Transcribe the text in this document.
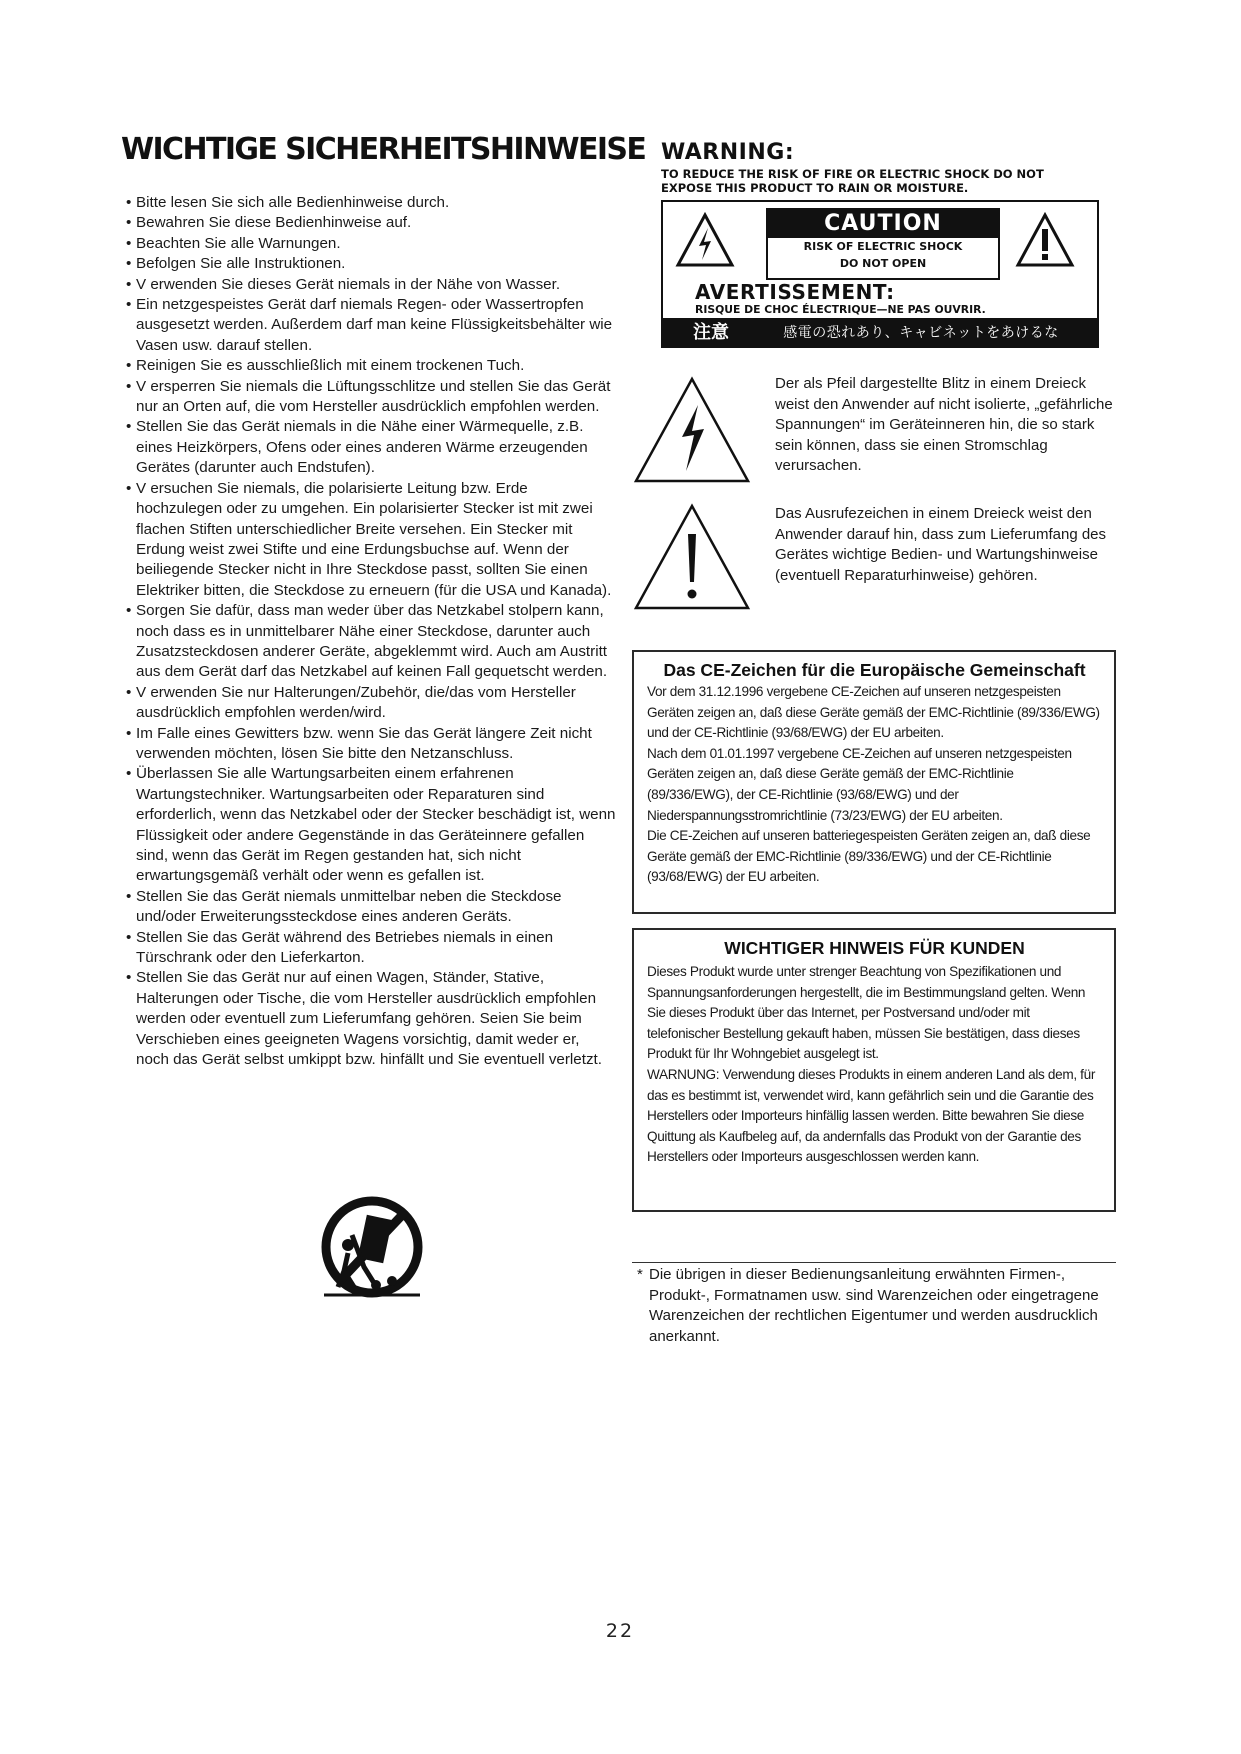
WICHTIGE SICHERHEITSHINWEISE
• Bitte lesen Sie sich alle Bedienhinweise durch.
• Bewahren Sie diese Bedienhinweise auf.
• Beachten Sie alle Warnungen.
• Befolgen Sie alle Instruktionen.
• V erwenden Sie dieses Gerät niemals in der Nähe von Wasser.
• Ein netzgespeistes Gerät darf niemals Regen- oder Wassertropfen ausgesetzt werden. Außerdem darf man keine Flüssigkeitsbehälter wie Vasen usw. darauf stellen.
• Reinigen Sie es ausschließlich mit einem trockenen Tuch.
• V ersperren Sie niemals die Lüftungsschlitze und stellen Sie das Gerät nur an Orten auf, die vom Hersteller ausdrücklich empfohlen werden.
• Stellen Sie das Gerät niemals in die Nähe einer Wärmequelle, z.B. eines Heizkörpers, Ofens oder eines anderen Wärme erzeugenden Gerätes (darunter auch Endstufen).
• V ersuchen Sie niemals, die polarisierte Leitung bzw. Erde hochzulegen oder zu umgehen. Ein polarisierter Stecker ist mit zwei flachen Stiften unterschiedlicher Breite versehen. Ein Stecker mit Erdung weist zwei Stifte und eine Erdungsbuchse auf. Wenn der beiliegende Stecker nicht in Ihre Steckdose passt, sollten Sie einen Elektriker bitten, die Steckdose zu erneuern (für die USA und Kanada).
• Sorgen Sie dafür, dass man weder über das Netzkabel stolpern kann, noch dass es in unmittelbarer Nähe einer Steckdose, darunter auch Zusatzsteckdosen anderer Geräte, abgeklemmt wird. Auch am Austritt aus dem Gerät darf das Netzkabel auf keinen Fall gequetscht werden.
• V erwenden Sie nur Halterungen/Zubehör, die/das vom Hersteller ausdrücklich empfohlen werden/wird.
• Im Falle eines Gewitters bzw. wenn Sie das Gerät längere Zeit nicht verwenden möchten, lösen Sie bitte den Netzanschluss.
• Überlassen Sie alle Wartungsarbeiten einem erfahrenen Wartungstechniker. Wartungsarbeiten oder Reparaturen sind erforderlich, wenn das Netzkabel oder der Stecker beschädigt ist, wenn Flüssigkeit oder andere Gegenstände in das Geräteinnere gefallen sind, wenn das Gerät im Regen gestanden hat, sich nicht erwartungsgemäß verhält oder wenn es gefallen ist.
• Stellen Sie das Gerät niemals unmittelbar neben die Steckdose und/oder Erweiterungssteckdose eines anderen Geräts.
• Stellen Sie das Gerät während des Betriebes niemals in einen Türschrank oder den Lieferkarton.
• Stellen Sie das Gerät nur auf einen Wagen, Ständer, Stative, Halterungen oder Tische, die vom Hersteller ausdrücklich empfohlen werden oder eventuell zum Lieferumfang gehören. Seien Sie beim Verschieben eines geeigneten Wagens vorsichtig, damit weder er, noch das Gerät selbst umkippt bzw. hinfällt und Sie eventuell verletzt.
WARNING:
TO REDUCE THE RISK OF FIRE OR ELECTRIC SHOCK DO NOT
EXPOSE THIS PRODUCT TO RAIN OR MOISTURE.
CAUTION
RISK OF ELECTRIC SHOCK
DO NOT OPEN
AVERTISSEMENT:
RISQUE DE CHOC ÉLECTRIQUE—NE PAS OUVRIR.
注意	感電の恐れあり、キャビネットをあけるな

Der als Pfeil dargestellte Blitz in einem Dreieck weist den Anwender auf nicht isolierte, „gefährliche Spannungen“ im Geräteinneren hin, die so stark sein können, dass sie einen Stromschlag verursachen.

Das Ausrufezeichen in einem Dreieck weist den Anwender darauf hin, dass zum Lieferumfang des Gerätes wichtige Bedien- und Wartungshinweise (eventuell Reparaturhinweise) gehören.

Das CE-Zeichen für die Europäische Gemeinschaft

Vor dem 31.12.1996 vergebene CE-Zeichen auf unseren netzgespeisten Geräten zeigen an, daß diese Geräte gemäß der EMC-Richtlinie (89/336/EWG) und der CE-Richtlinie (93/68/EWG) der EU arbeiten.

Nach dem 01.01.1997 vergebene CE-Zeichen auf unseren netzgespeisten Geräten zeigen an, daß diese Geräte gemäß der EMC-Richtlinie (89/336/EWG), der CE-Richtlinie (93/68/EWG) und der Niederspannungsstromrichtlinie (73/23/EWG) der EU arbeiten.

Die CE-Zeichen auf unseren batteriegespeisten Geräten zeigen an, daß diese Geräte gemäß der EMC-Richtlinie (89/336/EWG) und der CE-Richtlinie (93/68/EWG) der EU arbeiten.

WICHTIGER HINWEIS FÜR KUNDEN

Dieses Produkt wurde unter strenger Beachtung von Spezifikationen und Spannungsanforderungen hergestellt, die im Bestimmungsland gelten. Wenn Sie dieses Produkt über das Internet, per Postversand und/oder mit telefonischer Bestellung gekauft haben, müssen Sie bestätigen, dass dieses Produkt für Ihr Wohngebiet ausgelegt ist.

WARNUNG: Verwendung dieses Produkts in einem anderen Land als dem, für das es bestimmt ist, verwendet wird, kann gefährlich sein und die Garantie des Herstellers oder Importeurs hinfällig lassen werden. Bitte bewahren Sie diese Quittung als Kaufbeleg auf, da andernfalls das Produkt von der Garantie des Herstellers oder Importeurs ausgeschlossen werden kann.

* Die übrigen in dieser Bedienungsanleitung erwähnten Firmen-, Produkt-, Formatnamen usw. sind Warenzeichen oder eingetragene Warenzeichen der rechtlichen Eigentumer und werden ausdrucklich anerkannt.
22
